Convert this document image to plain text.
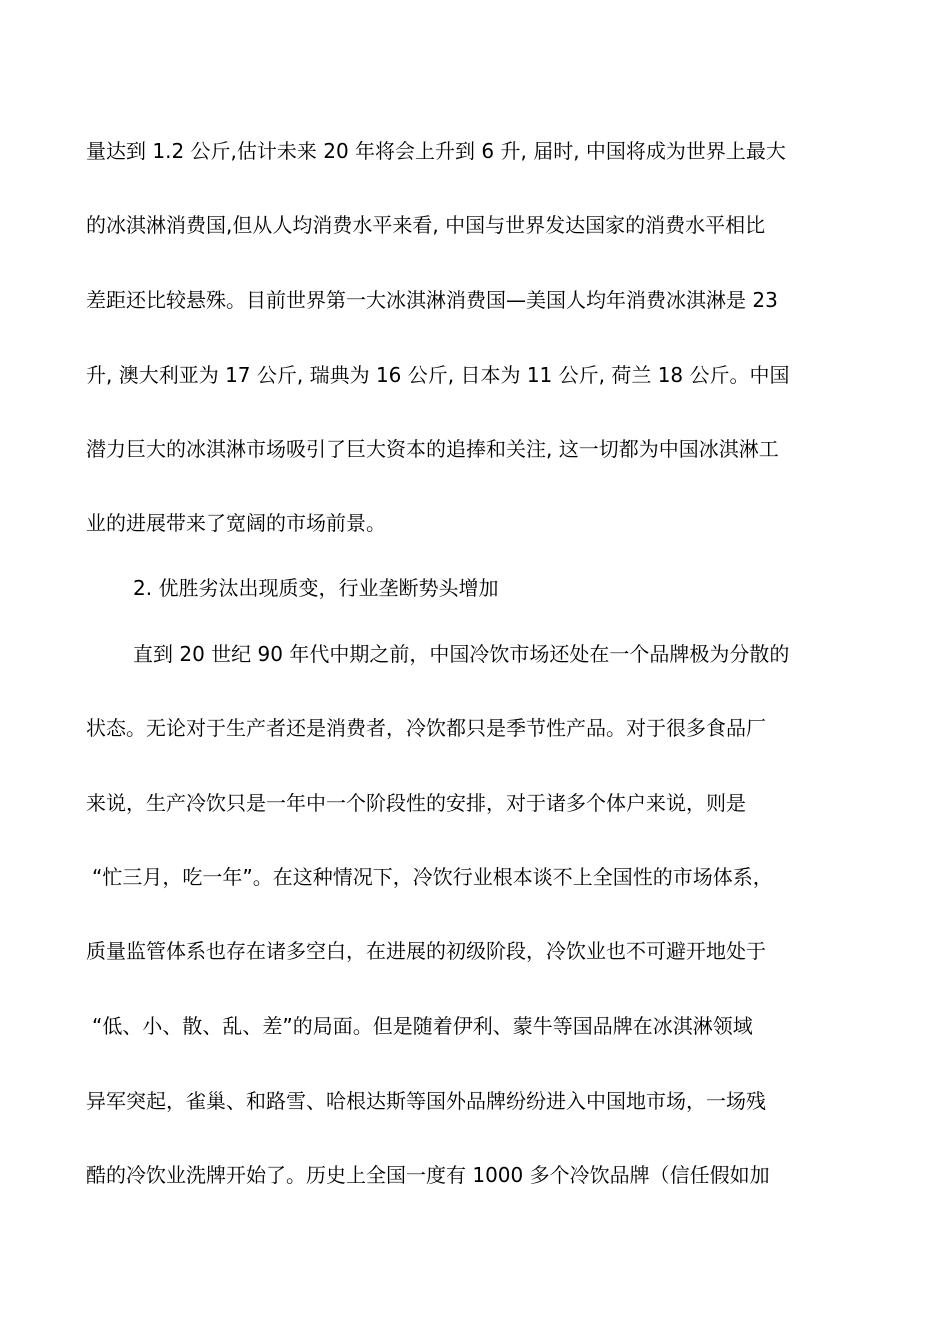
量达到 1.2 公斤,估计未来 20 年将会上升到 6 升, 届时, 中国将成为世界上最大
的冰淇淋消费国,但从人均消费水平来看, 中国与世界发达国家的消费水平相比
差距还比较悬殊。目前世界第一大冰淇淋消费国—美国人均年消费冰淇淋是 23
升, 澳大利亚为 17 公斤, 瑞典为 16 公斤, 日本为 11 公斤, 荷兰 18 公斤。中国
潜力巨大的冰淇淋市场吸引了巨大资本的追捧和关注, 这一切都为中国冰淇淋工
业的进展带来了宽阔的市场前景。
2. 优胜劣汰出现质变，行业垄断势头增加
直到 20 世纪 90 年代中期之前，中国冷饮市场还处在一个品牌极为分散的
状态。无论对于生产者还是消费者，冷饮都只是季节性产品。对于很多食品厂
来说，生产冷饮只是一年中一个阶段性的安排，对于诸多个体户来说，则是
“忙三月，吃一年”。在这种情况下，冷饮行业根本谈不上全国性的市场体系，
质量监管体系也存在诸多空白，在进展的初级阶段，冷饮业也不可避开地处于
“低、小、散、乱、差”的局面。但是随着伊利、蒙牛等国品牌在冰淇淋领域
异军突起，雀巢、和路雪、哈根达斯等国外品牌纷纷进入中国地市场，一场残
酷的冷饮业洗牌开始了。历史上全国一度有 1000 多个冷饮品牌（信任假如加
